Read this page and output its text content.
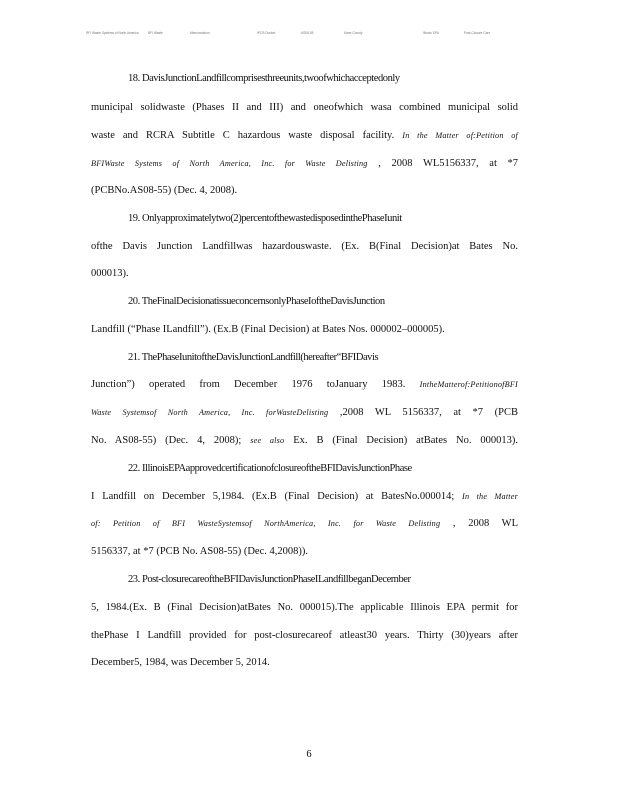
RFI Waste Systems of North America	BFI Waste	Memorandum	IPCB Docket	AS08-55	Kane County	Illinois EPA	Post-Closure Care
18. DavisJunctionLandfillcomprisesthreeunits,twoofwhichacceptedonly
municipal solidwaste (Phases II and III) and oneofwhich wasa combined municipal solid
waste and RCRA Subtitle C hazardous waste disposal facility. In the Matter of:Petition of
BFIWaste Systems of North America, Inc. for Waste Delisting , 2008 WL5156337, at *7
(PCBNo.AS08-55) (Dec. 4, 2008).
19. Onlyapproximatelytwo(2)percentofthewastedisposedinthePhaseIunit
ofthe Davis Junction Landfillwas hazardouswaste. (Ex. B(Final Decision)at Bates No.
000013).
20. TheFinalDecisionatissueconcernsonlyPhaseIoftheDavisJunction
Landfill (“Phase ILandfill”). (Ex.B (Final Decision) at Bates Nos. 000002–000005).
21. ThePhaseIunitoftheDavisJunctionLandfill(hereafter“BFIDavis
Junction”) operated from December 1976 toJanuary 1983. IntheMatterof:PetitionofBFI
Waste Systemsof North America, Inc. forWasteDelisting ,2008 WL 5156337, at *7 (PCB
No. AS08-55) (Dec. 4, 2008); see also Ex. B (Final Decision) atBates No. 000013).
22. IllinoisEPAapprovedcertificationofclosureoftheBFIDavisJunctionPhase
I Landfill on December 5,1984. (Ex.B (Final Decision) at BatesNo.000014; In the Matter
of: Petition of BFI WasteSystemsof NorthAmerica, Inc. for Waste Delisting , 2008 WL
5156337, at *7 (PCB No. AS08-55) (Dec. 4,2008)).
23. Post-closurecareoftheBFIDavisJunctionPhaseILandfillbeganDecember
5, 1984.(Ex. B (Final Decision)atBates No. 000015).The applicable Illinois EPA permit for
thePhase I Landfill provided for post-closurecareof atleast30 years. Thirty (30)years after
December5, 1984, was December 5, 2014.
6
